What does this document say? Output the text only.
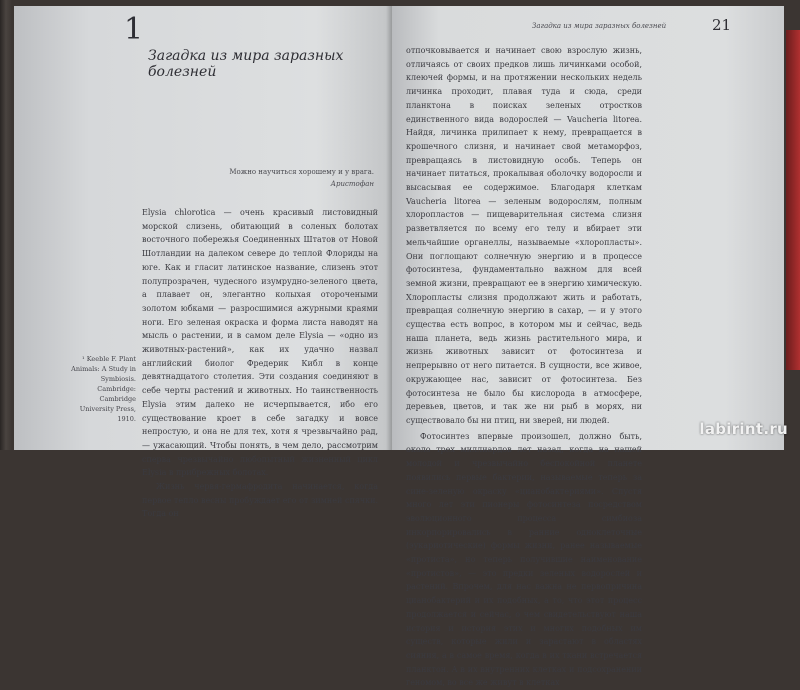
1
Загадка из мира заразных болезней
Можно научиться хорошему и у врага.
Аристофан
¹ Keeble F. Plant Animals: A Study in Symbiosis. Cambridge: Cambridge University Press, 1910.

Elysia chlorotica — очень красивый листовидный морской слизень, обитающий в соленых болотах восточного побережья Соединенных Штатов от Новой Шотландии на далеком севере до теплой Флориды на юге. Как и гласит латинское название, слизень этот полупрозрачен, чудесного изумрудно-зеленого цвета, а плавает он, элегантно колыхая оторочеными золотом юбками — разросшимися ажурными краями ноги. Его зеленая окраска и форма листа наводят на мысль о растении, и в самом деле Elysia — «одно из животных-растений», как их удачно назвал английский биолог Фредерик Кибл в конце девятнадцатого столетия. Эти создания соединяют в себе черты растений и животных. Но таинственность Elysia этим далеко не исчерпывается, ибо его существование кроет в себе загадку и вовсе непростую, и она не для тех, хотя я чрезвычайно рад, — ужасающий. Чтобы понять, в чем дело, рассмотрим сперва чрезвычайно любопытный жизненный цикл Elysia в прибрежных болотах.

Жизнь червя-гермафродита начинается, когда первое тепло весны пробуждает его от зимней спячки. Тогда он

Загадка из мира заразных болезней	21

отпочковывается и начинает свою взрослую жизнь, отличаясь от своих предков лишь личинками особой, клеючей формы, и на протяжении нескольких недель личинка проходит, плавая туда и сюда, среди планктона в поисках зеленых отростков единственного вида водорослей — Vaucheria litorea. Найдя, личинка прилипает к нему, превращается в крошечного слизня, и начинает свой метаморфоз, превращаясь в листовидную особь. Теперь он начинает питаться, прокалывая оболочку водоросли и высасывая ее содержимое. Благодаря клеткам Vaucheria litorea — зеленым водорослям, полным хлоропластов — пищеварительная система слизня разветвляется по всему его телу и вбирает эти мельчайшие органеллы, называемые «хлоропласты». Они поглощают солнечную энергию и в процессе фотосинтеза, фундаментально важном для всей земной жизни, превращают ее в энергию химическую. Хлоропласты слизня продолжают жить и работать, превращая солнечную энергию в сахар, — и у этого существа есть вопрос, в котором мы и сейчас, ведь наша планета, ведь жизнь растительного мира, и жизнь животных зависит от фотосинтеза и непрерывно от него питается. В сущности, все живое, окружающее нас, зависит от фотосинтеза. Без фотосинтеза не было бы кислорода в атмосфере, деревьев, цветов, и так же ни рыб в морях, ни существовало бы ни птиц, ни зверей, ни людей.

Фотосинтез впервые произошел, должно быть, около трех миллиардов лет назад, когда на нашей молодой и чрезвычайно беспокойной планете появились первые бактерии, называемые теперь за сине-зеленую окраску «цианобактериями». Спустя много лет эти пионеры фотосинтеза посредством эволюционного процесса симбиоза инкорпорировались в ранние одноклеточные (эукариотические) формы жизни, ранее называемые «протиста», но теперь получившие наименование «протистов», — это предки зеленых водорослей и растений. Впрочем, для нас важна не первопричина цианобактерий и их подобных, а то, что этот процесс продолжается и сейчас, о чем свидетельствуют наша история и история этих и многих подобных им существ, которые жили и зарастают в областях сияния, а в самое время, когда в их ткани встречается планктон. А в их внутренних клетках и подсохранении геномом, во все же живут в клетках

labirint.ru
